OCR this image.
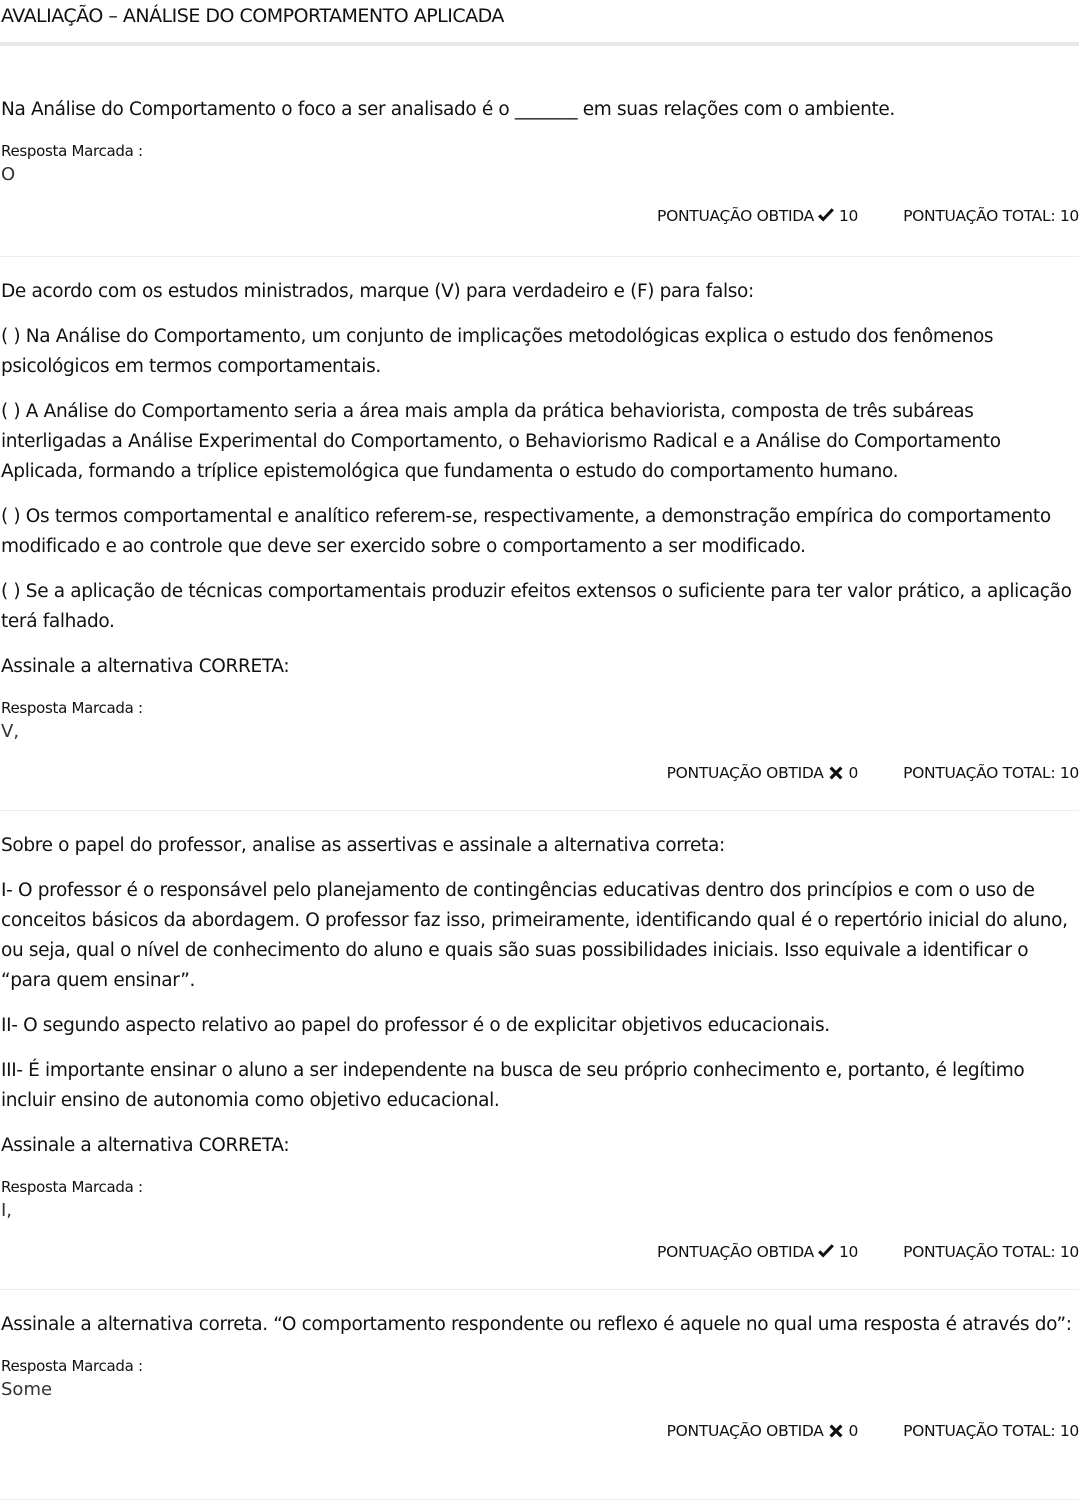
AVALIAÇÃO – ANÁLISE DO COMPORTAMENTO APLICADA

Na Análise do Comportamento o foco a ser analisado é o _______ em suas relações com o ambiente.

Resposta Marcada :

O

PONTUAÇÃO OBTIDA 10	PONTUAÇÃO TOTAL: 10

De acordo com os estudos ministrados, marque (V) para verdadeiro e (F) para falso:

( ) Na Análise do Comportamento, um conjunto de implicações metodológicas explica o estudo dos fenômenos psicológicos em termos comportamentais.

( ) A Análise do Comportamento seria a área mais ampla da prática behaviorista, composta de três subáreas interligadas a Análise Experimental do Comportamento, o Behaviorismo Radical e a Análise do Comportamento Aplicada, formando a tríplice epistemológica que fundamenta o estudo do comportamento humano.

( ) Os termos comportamental e analítico referem-se, respectivamente, a demonstração empírica do comportamento modificado e ao controle que deve ser exercido sobre o comportamento a ser modificado.

( ) Se a aplicação de técnicas comportamentais produzir efeitos extensos o suficiente para ter valor prático, a aplicação terá falhado.

Assinale a alternativa CORRETA:

Resposta Marcada :

V,

PONTUAÇÃO OBTIDA 0	PONTUAÇÃO TOTAL: 10

Sobre o papel do professor, analise as assertivas e assinale a alternativa correta:

I- O professor é o responsável pelo planejamento de contingências educativas dentro dos princípios e com o uso de conceitos básicos da abordagem. O professor faz isso, primeiramente, identificando qual é o repertório inicial do aluno, ou seja, qual o nível de conhecimento do aluno e quais são suas possibilidades iniciais. Isso equivale a identificar o “para quem ensinar”.

II- O segundo aspecto relativo ao papel do professor é o de explicitar objetivos educacionais.

III- É importante ensinar o aluno a ser independente na busca de seu próprio conhecimento e, portanto, é legítimo incluir ensino de autonomia como objetivo educacional.

Assinale a alternativa CORRETA:

Resposta Marcada :

I,

PONTUAÇÃO OBTIDA 10	PONTUAÇÃO TOTAL: 10

Assinale a alternativa correta. “O comportamento respondente ou reflexo é aquele no qual uma resposta é através do”:

Resposta Marcada :

Some

PONTUAÇÃO OBTIDA 0	PONTUAÇÃO TOTAL: 10
